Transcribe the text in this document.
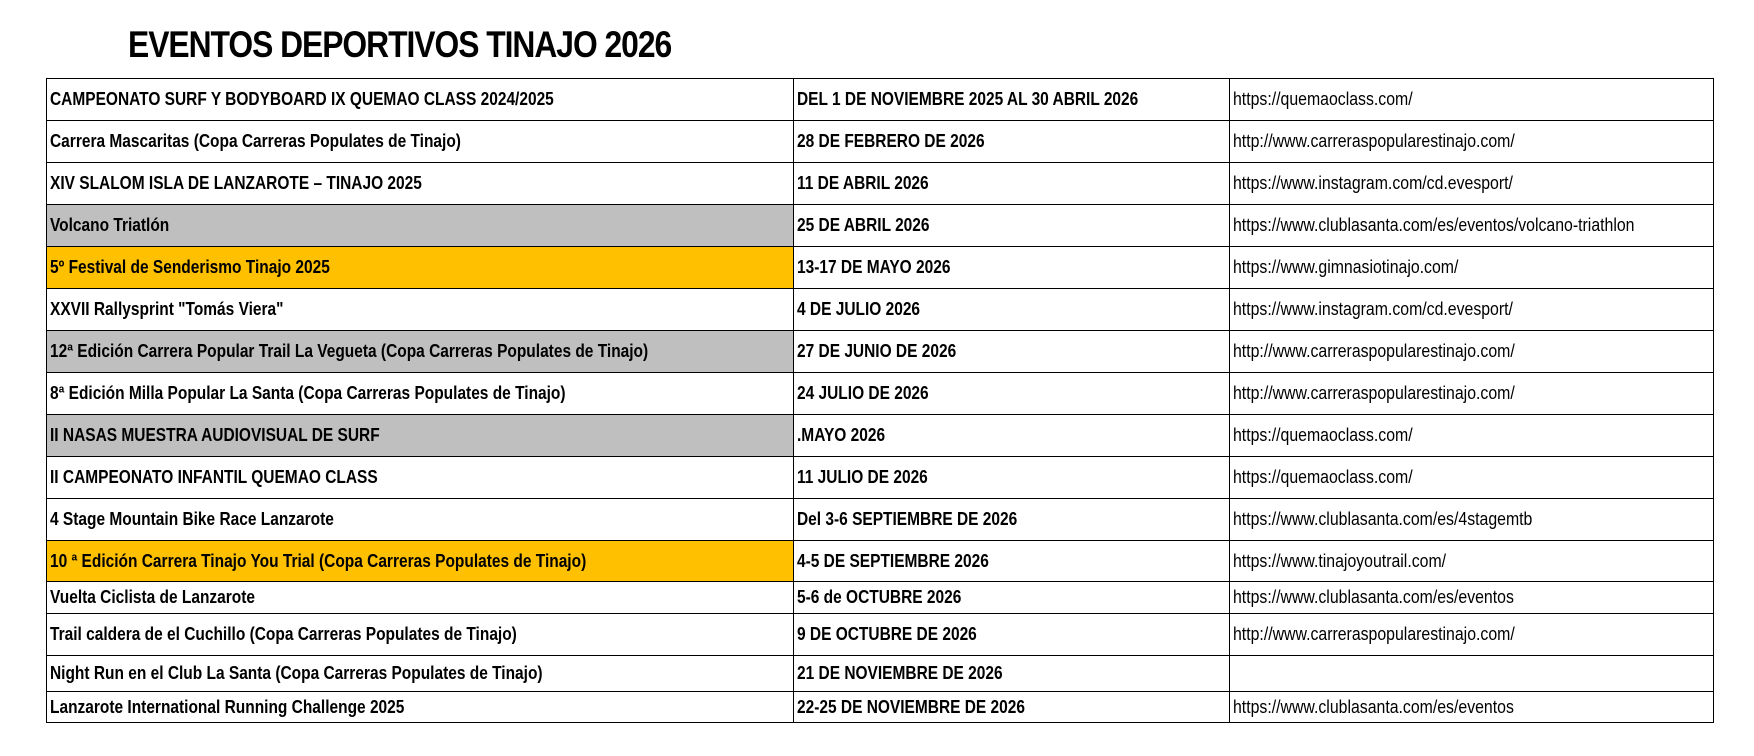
EVENTOS DEPORTIVOS TINAJO 2026
CAMPEONATO SURF Y BODYBOARD IX QUEMAO CLASS 2024/2025	DEL 1 DE NOVIEMBRE 2025 AL 30 ABRIL 2026	https://quemaoclass.com/
Carrera Mascaritas (Copa Carreras Populates de Tinajo)	28 DE FEBRERO DE 2026	http://www.carreraspopularestinajo.com/
XIV SLALOM ISLA DE LANZAROTE – TINAJO 2025	11 DE ABRIL 2026	https://www.instagram.com/cd.evesport/
Volcano Triatlón	25 DE ABRIL 2026	https://www.clublasanta.com/es/eventos/volcano-triathlon
5º Festival de Senderismo Tinajo 2025	13-17 DE MAYO 2026	https://www.gimnasiotinajo.com/
XXVII Rallysprint "Tomás Viera"	4 DE JULIO 2026	https://www.instagram.com/cd.evesport/
12ª Edición Carrera Popular Trail La Vegueta (Copa Carreras Populates de Tinajo)	27 DE JUNIO DE 2026	http://www.carreraspopularestinajo.com/
8ª Edición Milla Popular La Santa (Copa Carreras Populates de Tinajo)	24 JULIO DE 2026	http://www.carreraspopularestinajo.com/
II NASAS MUESTRA AUDIOVISUAL DE SURF	.MAYO 2026	https://quemaoclass.com/
II CAMPEONATO INFANTIL QUEMAO CLASS	11 JULIO DE 2026	https://quemaoclass.com/
4 Stage Mountain Bike Race Lanzarote	Del 3-6 SEPTIEMBRE DE 2026	https://www.clublasanta.com/es/4stagemtb
10 ª Edición Carrera Tinajo You Trial (Copa Carreras Populates de Tinajo)	4-5 DE SEPTIEMBRE 2026	https://www.tinajoyoutrail.com/
Vuelta Ciclista de Lanzarote	5-6 de OCTUBRE 2026	https://www.clublasanta.com/es/eventos
Trail caldera de el Cuchillo (Copa Carreras Populates de Tinajo)	9 DE OCTUBRE DE 2026	http://www.carreraspopularestinajo.com/
Night Run en el Club La Santa (Copa Carreras Populates de Tinajo)	21 DE NOVIEMBRE DE 2026	
Lanzarote International Running Challenge 2025	22-25 DE NOVIEMBRE DE 2026	https://www.clublasanta.com/es/eventos
